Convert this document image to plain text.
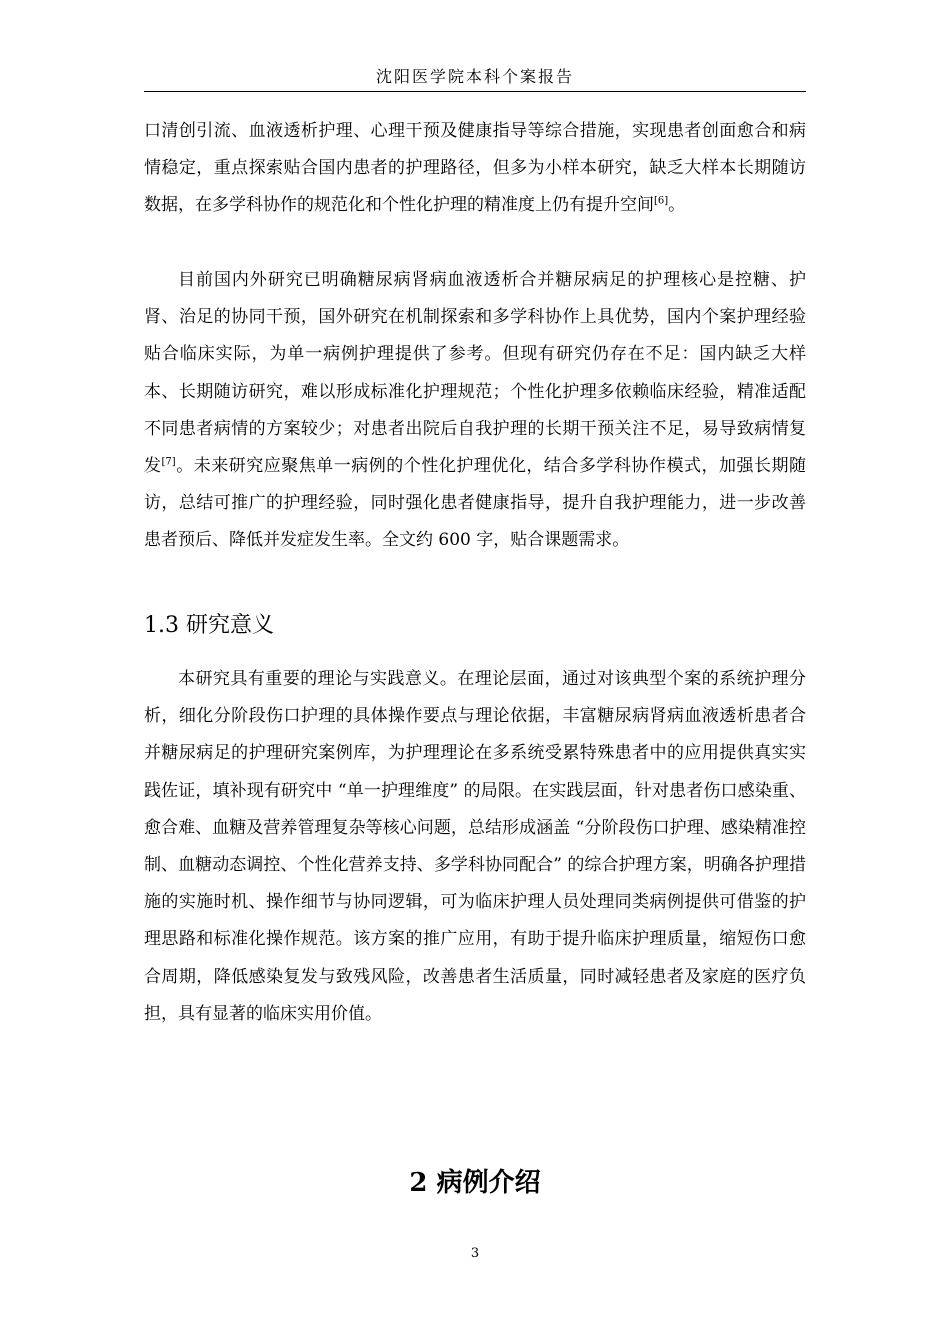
沈阳医学院本科个案报告

口清创引流、血液透析护理、心理干预及健康指导等综合措施，实现患者创面愈合和病情稳定，重点探索贴合国内患者的护理路径，但多为小样本研究，缺乏大样本长期随访数据，在多学科协作的规范化和个性化护理的精准度上仍有提升空间[6]。

目前国内外研究已明确糖尿病肾病血液透析合并糖尿病足的护理核心是控糖、护肾、治足的协同干预，国外研究在机制探索和多学科协作上具优势，国内个案护理经验贴合临床实际，为单一病例护理提供了参考。但现有研究仍存在不足：国内缺乏大样本、长期随访研究，难以形成标准化护理规范；个性化护理多依赖临床经验，精准适配不同患者病情的方案较少；对患者出院后自我护理的长期干预关注不足，易导致病情复发[7]。未来研究应聚焦单一病例的个性化护理优化，结合多学科协作模式，加强长期随访，总结可推广的护理经验，同时强化患者健康指导，提升自我护理能力，进一步改善患者预后、降低并发症发生率。全文约 600 字，贴合课题需求。

1.3 研究意义

本研究具有重要的理论与实践意义。在理论层面，通过对该典型个案的系统护理分析，细化分阶段伤口护理的具体操作要点与理论依据，丰富糖尿病肾病血液透析患者合并糖尿病足的护理研究案例库，为护理理论在多系统受累特殊患者中的应用提供真实实践佐证，填补现有研究中 “单一护理维度” 的局限。在实践层面，针对患者伤口感染重、愈合难、血糖及营养管理复杂等核心问题，总结形成涵盖 “分阶段伤口护理、感染精准控制、血糖动态调控、个性化营养支持、多学科协同配合” 的综合护理方案，明确各护理措施的实施时机、操作细节与协同逻辑，可为临床护理人员处理同类病例提供可借鉴的护理思路和标准化操作规范。该方案的推广应用，有助于提升临床护理质量，缩短伤口愈合周期，降低感染复发与致残风险，改善患者生活质量，同时减轻患者及家庭的医疗负担，具有显著的临床实用价值。

2 病例介绍
3
